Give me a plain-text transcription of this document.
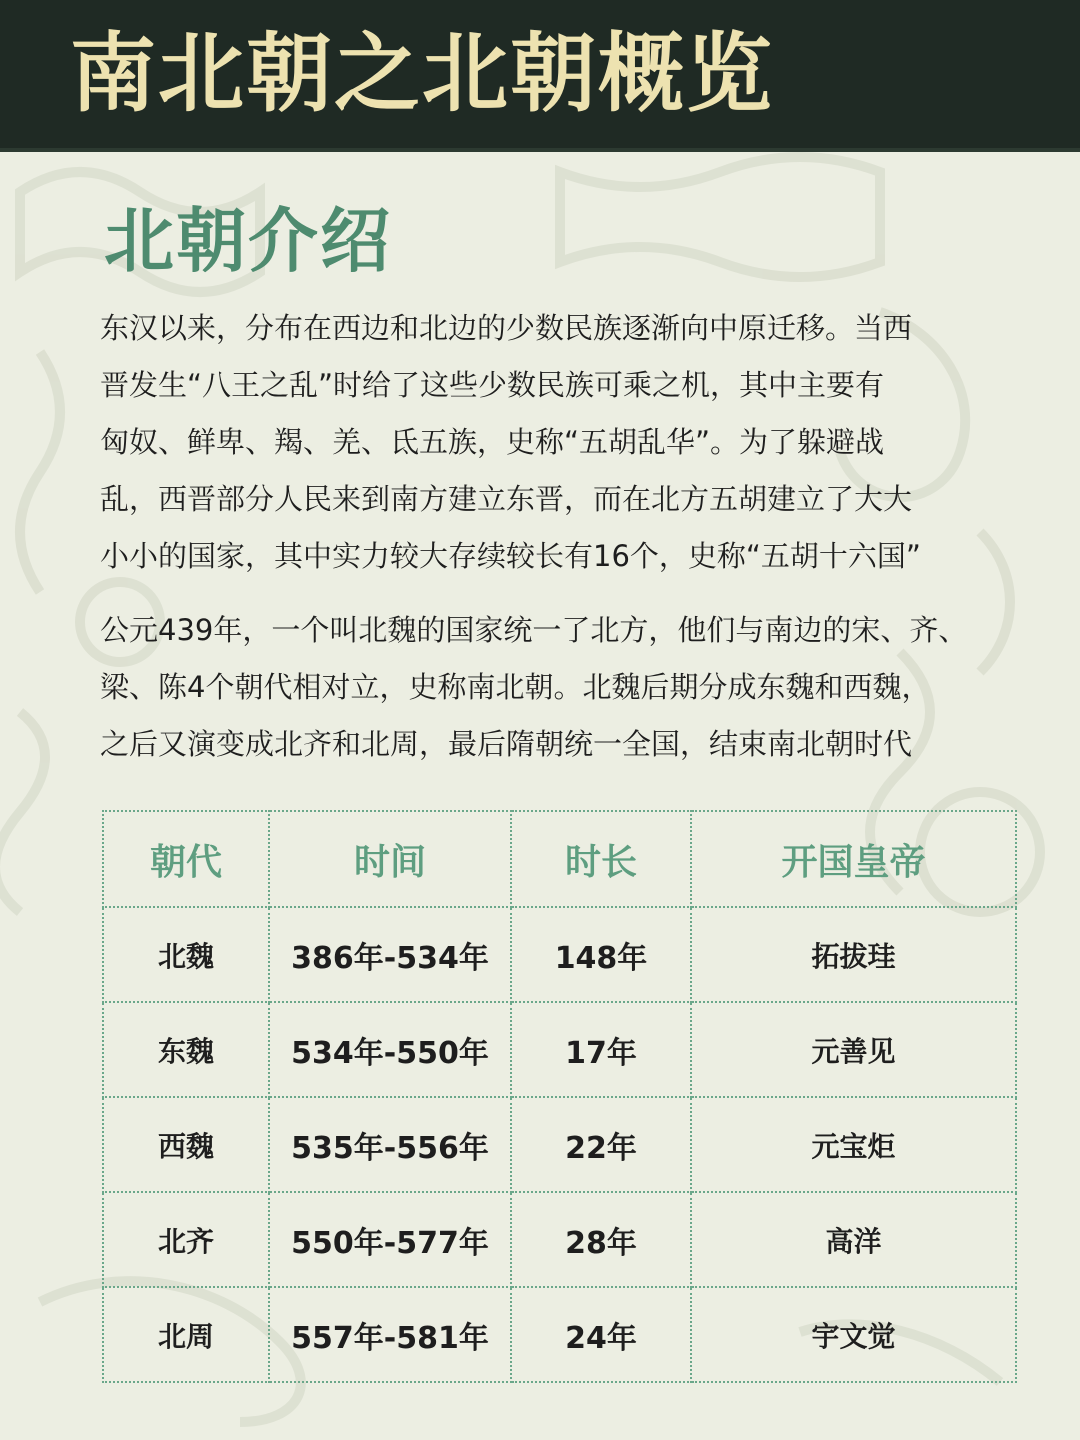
南北朝之北朝概览
北朝介绍
东汉以来，分布在西边和北边的少数民族逐渐向中原迁移。当西
晋发生“八王之乱”时给了这些少数民族可乘之机，其中主要有
匈奴、鲜卑、羯、羌、氐五族，史称“五胡乱华”。为了躲避战
乱，西晋部分人民来到南方建立东晋，而在北方五胡建立了大大
小小的国家，其中实力较大存续较长有16个，史称“五胡十六国”
公元439年，一个叫北魏的国家统一了北方，他们与南边的宋、齐、
梁、陈4个朝代相对立，史称南北朝。北魏后期分成东魏和西魏，
之后又演变成北齐和北周，最后隋朝统一全国，结束南北朝时代
朝代	时间	时长	开国皇帝
北魏	386年-534年	148年	拓拔珪
东魏	534年-550年	17年	元善见
西魏	535年-556年	22年	元宝炬
北齐	550年-577年	28年	高洋
北周	557年-581年	24年	宇文觉
